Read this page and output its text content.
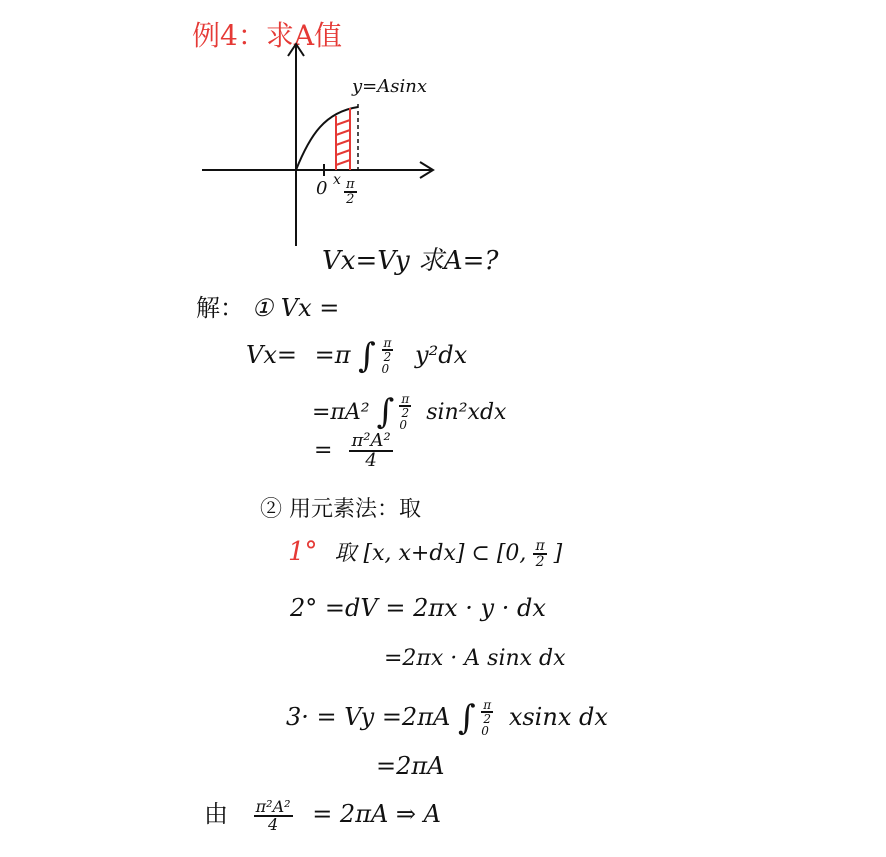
例4：求A值
y=Asinx
0 x $\frac{\pi}{2}$
Vx=Vy 求A=?
解： ① Vx =
Vx= =π ∫ $\frac{\pi}{2}$
0 y²dx
=πA² ∫ $\frac{\pi}{2}$
0
sin²xdx
= $\frac{\text{π²A²}}{4}$
② 用元素法：取
1° 取 [x, x+dx] ⊂ [0, $\frac{\pi}{2}$ ]
2° =dV = 2πx · y · dx
=2πx · A sinx dx
3· = Vy =2πA ∫ $\frac{\pi}{2}$
0 xsinx dx
=2πA
由 $\frac{\text{π²A²}}{4} = 2\pi A$ ⇒ A
